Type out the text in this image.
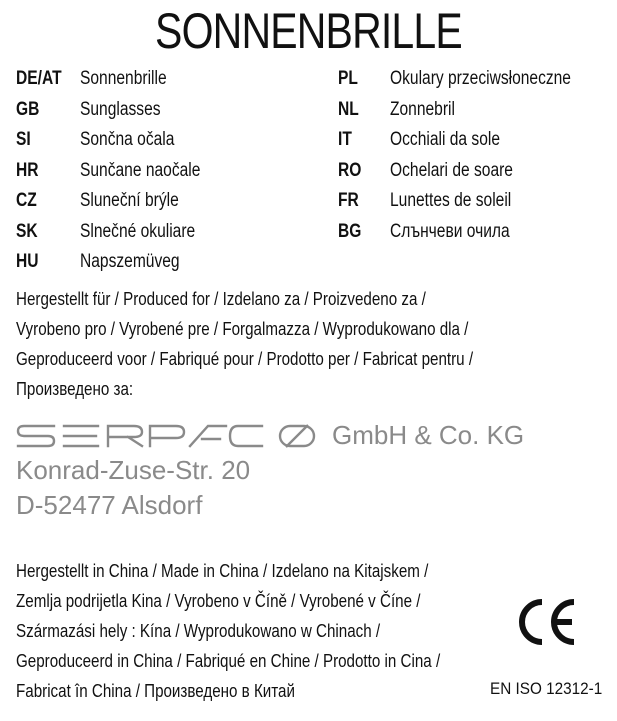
SONNENBRILLE
DE/AT Sonnenbrille
GB	Sunglasses
SI	Sončna očala
HR	Sunčane naočale
CZ	Sluneční brýle
SK	Slnečné okuliare
HU	Napszemüveg
PL	Okulary przeciwsłoneczne
NL	Zonnebril
IT	Occhiali da sole
RO	Ochelari de soare
FR	Lunettes de soleil
BG	Слънчеви очила
Hergestellt für / Produced for / Izdelano za / Proizvedeno za /
Vyrobeno pro / Vyrobené pre / Forgalmazza / Wyprodukowano dla /
Geproduceerd voor / Fabriqué pour / Prodotto per / Fabricat pentru /
Произведено за:
GmbH & Co. KG
Konrad-Zuse-Str. 20
D-52477 Alsdorf
Hergestellt in China / Made in China / Izdelano na Kitajskem /
Zemlja podrijetla Kina / Vyrobeno v Číně / Vyrobené v Číne /
Származási hely : Kína / Wyprodukowano w Chinach /
Geproduceerd in China / Fabriqué en Chine / Prodotto in Cina /
Fabricat în China / Произведено в Китай	EN ISO 12312-1
